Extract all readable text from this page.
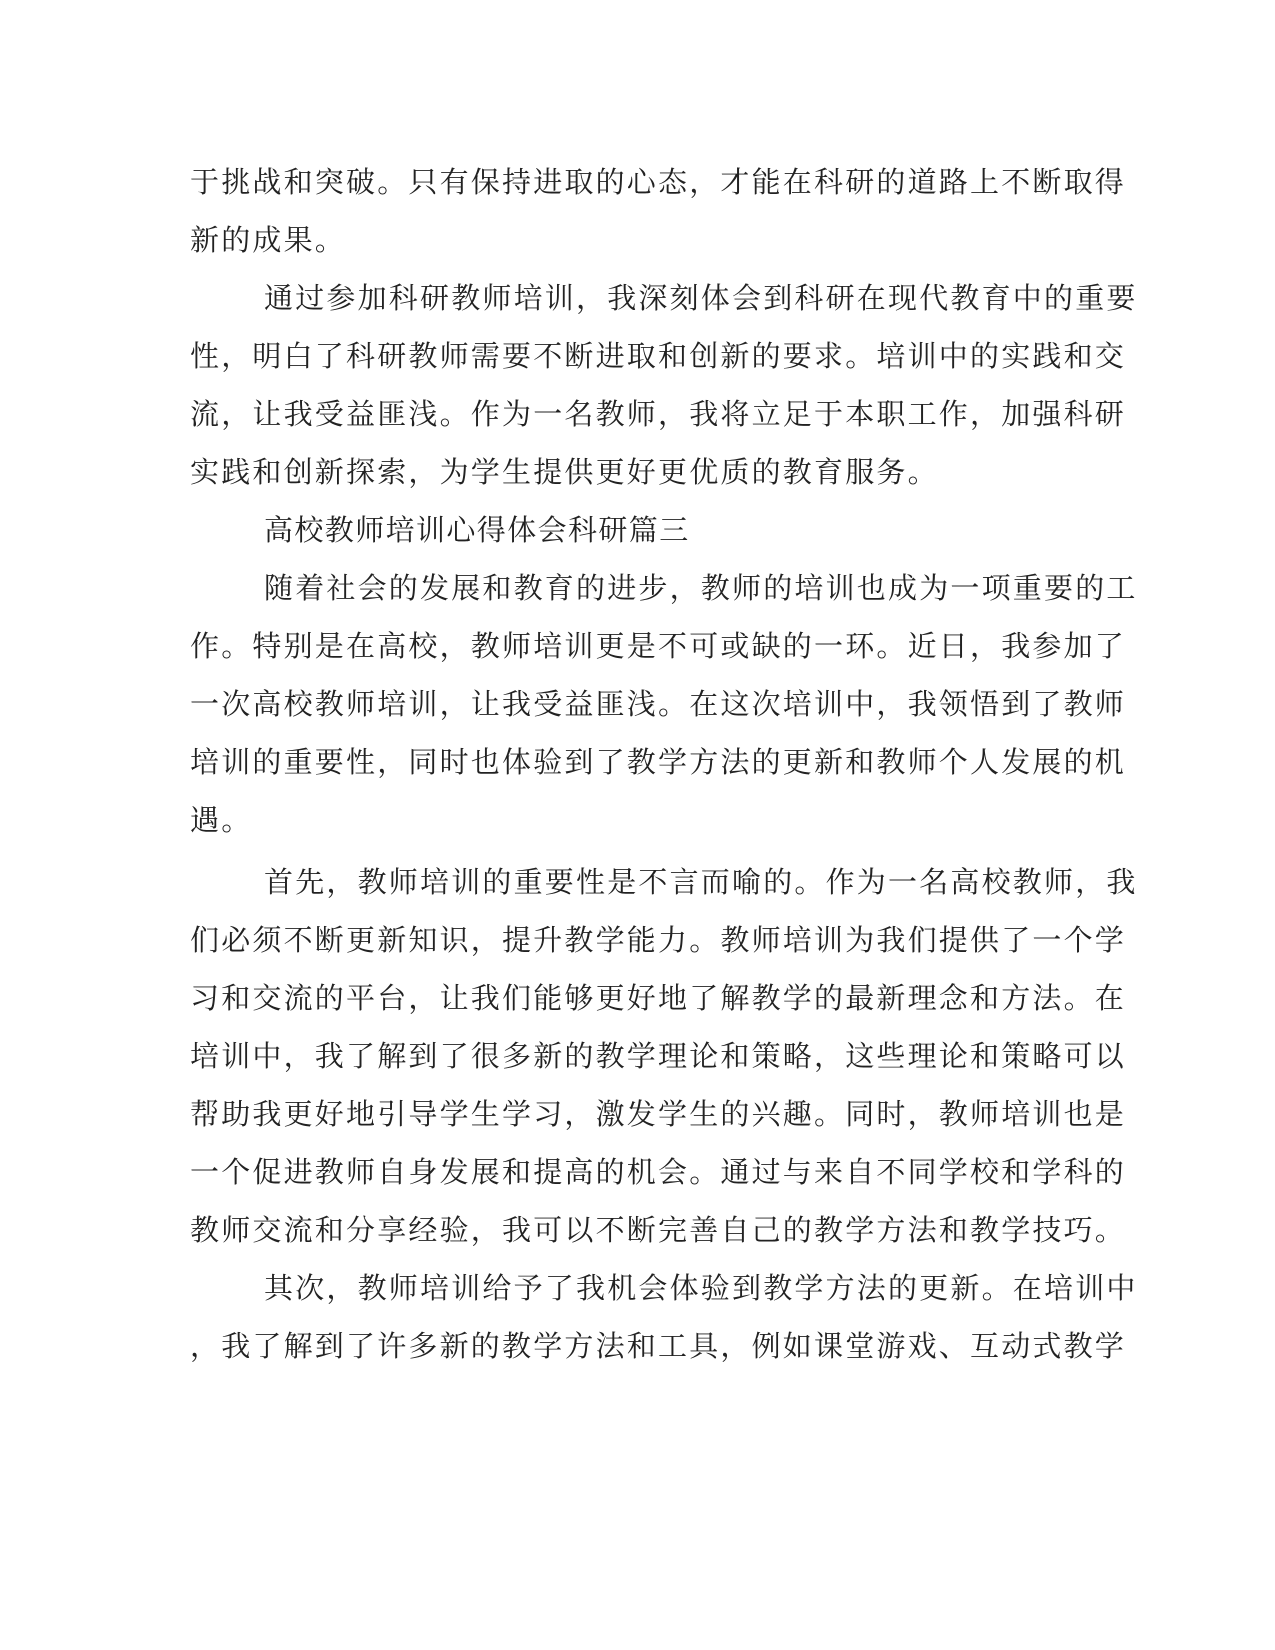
于挑战和突破。只有保持进取的心态，才能在科研的道路上不断取得
新的成果。
通过参加科研教师培训，我深刻体会到科研在现代教育中的重要
性，明白了科研教师需要不断进取和创新的要求。培训中的实践和交
流，让我受益匪浅。作为一名教师，我将立足于本职工作，加强科研
实践和创新探索，为学生提供更好更优质的教育服务。
高校教师培训心得体会科研篇三
随着社会的发展和教育的进步，教师的培训也成为一项重要的工
作。特别是在高校，教师培训更是不可或缺的一环。近日，我参加了
一次高校教师培训，让我受益匪浅。在这次培训中，我领悟到了教师
培训的重要性，同时也体验到了教学方法的更新和教师个人发展的机
遇。
首先，教师培训的重要性是不言而喻的。作为一名高校教师，我
们必须不断更新知识，提升教学能力。教师培训为我们提供了一个学
习和交流的平台，让我们能够更好地了解教学的最新理念和方法。在
培训中，我了解到了很多新的教学理论和策略，这些理论和策略可以
帮助我更好地引导学生学习，激发学生的兴趣。同时，教师培训也是
一个促进教师自身发展和提高的机会。通过与来自不同学校和学科的
教师交流和分享经验，我可以不断完善自己的教学方法和教学技巧。
其次，教师培训给予了我机会体验到教学方法的更新。在培训中
，我了解到了许多新的教学方法和工具，例如课堂游戏、互动式教学
